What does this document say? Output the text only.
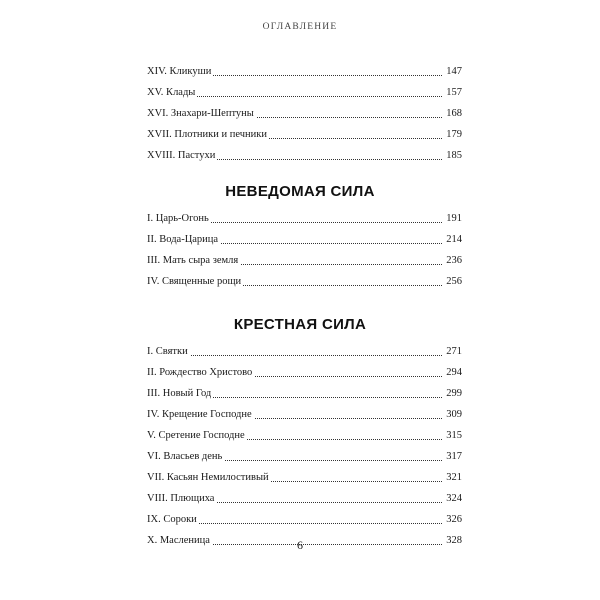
ОГЛАВЛЕНИЕ
XIV. Кликуши	147
XV. Клады	157
XVI. Знахари-Шептуны	168
XVII. Плотники и печники	179
XVIII. Пастухи	185
НЕВЕДОМАЯ СИЛА
I. Царь-Огонь	191
II. Вода-Царица	214
III. Мать сыра земля	236
IV. Священные рощи	256
КРЕСТНАЯ СИЛА
I. Святки	271
II. Рождество Христово	294
III. Новый Год	299
IV. Крещение Господне	309
V. Сретение Господне	315
VI. Власьев день	317
VII. Касьян Немилостивый	321
VIII. Плющиха	324
IX. Сороки	326
X. Масленица	328
6
